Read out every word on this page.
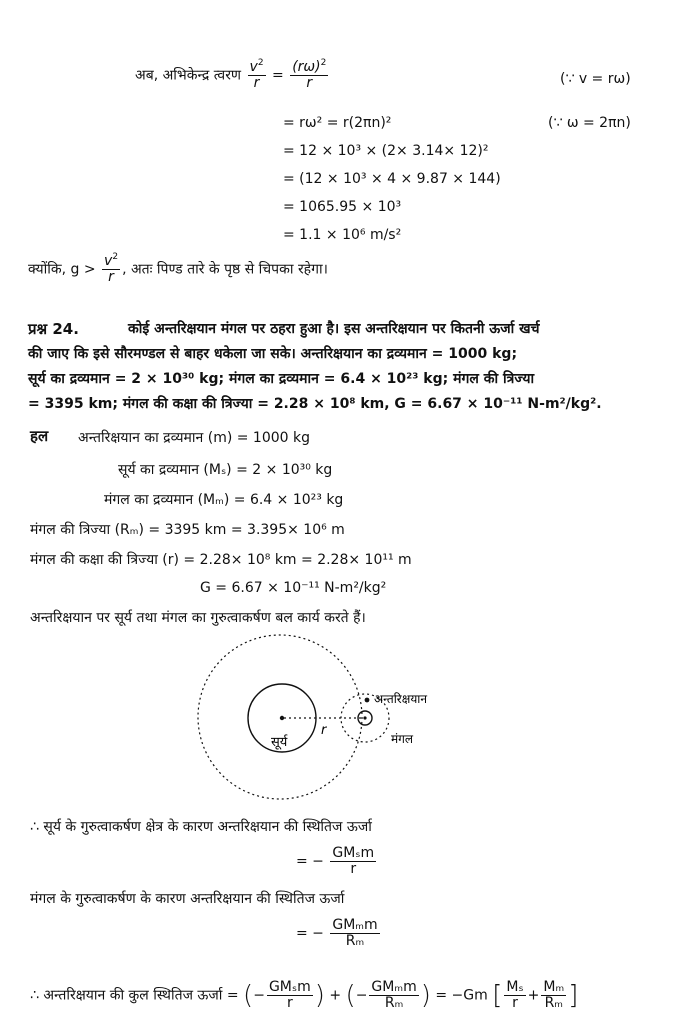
अब, अभिकेन्द्र त्वरण $\frac{v^2}{r} = \frac{(r\omega)^2}{r}$	(∵ v = rω)
= rω² = r(2πn)²	(∵ ω = 2πn)
= 12 × 10³ × (2× 3.14× 12)²
= (12 × 10³ × 4 × 9.87 × 144)
= 1065.95 × 10³
= 1.1 × 10⁶ m/s²
क्योंकि, $g > \frac{v^2}{r}$ , अतः पिण्ड तारे के पृष्ठ से चिपका रहेगा।
प्रश्न 24.	कोई अन्तरिक्षयान मंगल पर ठहरा हुआ है। इस अन्तरिक्षयान पर कितनी ऊर्जा खर्च
की जाए कि इसे सौरमण्डल से बाहर धकेला जा सके। अन्तरिक्षयान का द्रव्यमान = 1000 kg;
सूर्य का द्रव्यमान = 2 × 10³⁰ kg; मंगल का द्रव्यमान = 6.4 × 10²³ kg; मंगल की त्रिज्या
= 3395 km; मंगल की कक्षा की त्रिज्या = 2.28 × 10⁸ km, G = 6.67 × 10⁻¹¹ N-m²/kg².
हल अन्तरिक्षयान का द्रव्यमान (m) = 1000 kg
सूर्य का द्रव्यमान (Mₛ) = 2 × 10³⁰ kg
मंगल का द्रव्यमान (Mₘ) = 6.4 × 10²³ kg
मंगल की त्रिज्या (Rₘ) = 3395 km = 3.395× 10⁶ m
मंगल की कक्षा की त्रिज्या (r) = 2.28× 10⁸ km = 2.28× 10¹¹ m
G = 6.67 × 10⁻¹¹ N-m²/kg²
अन्तरिक्षयान पर सूर्य तथा मंगल का गुरुत्वाकर्षण बल कार्य करते हैं।
सूर्य
r
अन्तरिक्षयान
मंगल
∴ सूर्य के गुरुत्वाकर्षण क्षेत्र के कारण अन्तरिक्षयान की स्थितिज ऊर्जा
= − $\frac{\text{GMₛm}}{r}$
मंगल के गुरुत्वाकर्षण के कारण अन्तरिक्षयान की स्थितिज ऊर्जा
= − $\frac{\text{GMₘm}}{\text{Rₘ}}$
∴ अन्तरिक्षयान की कुल स्थितिज ऊर्जा = (− $\frac{\text{GMₛm}}{r}$ ) + (− $\frac{\text{GMₘm}}{\text{Rₘ}}$ ) = −Gm [ $\frac{\text{Mₛ}}{r} + \frac{\text{Mₘ}}{\text{Rₘ}}$ ]
